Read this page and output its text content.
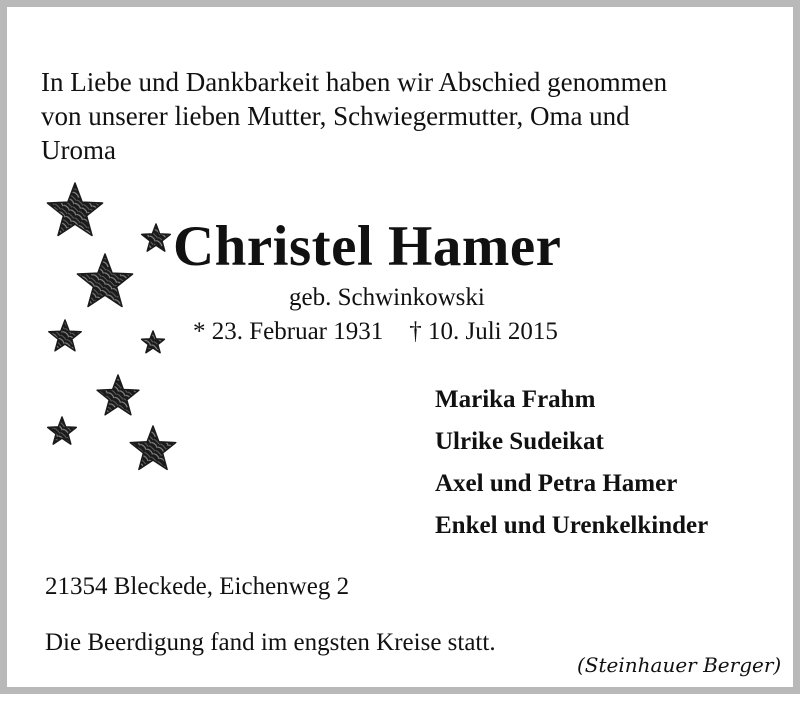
In Liebe und Dankbarkeit haben wir Abschied genommen
von unserer lieben Mutter, Schwiegermutter, Oma und
Uroma

Christel Hamer
geb. Schwinkowski
* 23. Februar 1931 † 10. Juli 2015
Marika Frahm
Ulrike Sudeikat
Axel und Petra Hamer
Enkel und Urenkelkinder
21354 Bleckede, Eichenweg 2
Die Beerdigung fand im engsten Kreise statt.
(Steinhauer Berger)
